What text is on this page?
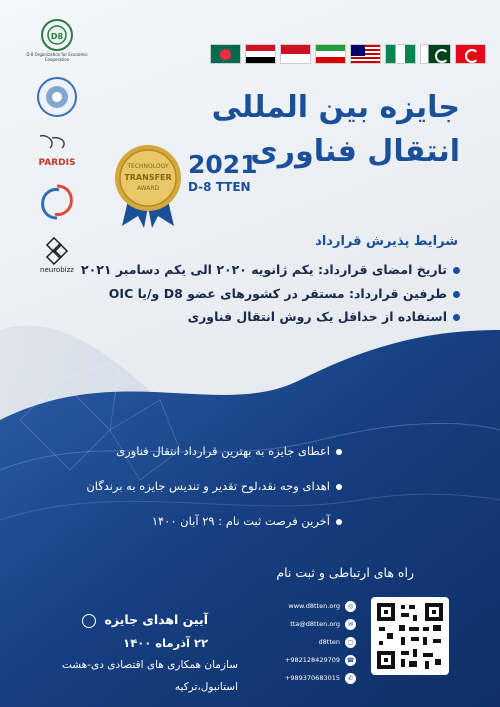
D8
D-8 Organization for Economic Cooperation
PARDIS
neurobizz
جایزه بین المللی
انتقال فناوری
TECHNOLOGY
TRANSFER
AWARD
2021
D-8 TTEN
شرایط پذیرش قرارداد
تاریخ امضای قرارداد: یکم ژانویه ۲۰۲۰ الی یکم دسامبر ۲۰۲۱
طرفین قرارداد: مستقر در کشورهای عضو D8 و/یا OIC
استفاده از حداقل یک روش انتقال فناوری
اعطای جایزه به بهترین قرارداد انتقال فناوری
اهدای وجه نقد،لوح تقدیر و تندیس جایزه به برندگان
آخرین فرصت ثبت نام : ۲۹ آبان ۱۴۰۰
راه های ارتباطی و ثبت نام
www.d8tten.org	◎
tta@d8tten.org	✉
d8tten	◻
+982128429709 ☎
+989370683015	✆
آیین اهدای جایزه
۲۲ آذرماه ۱۴۰۰
سازمان همکاری های اقتصادی دی-هشت
استانبول،ترکیه
